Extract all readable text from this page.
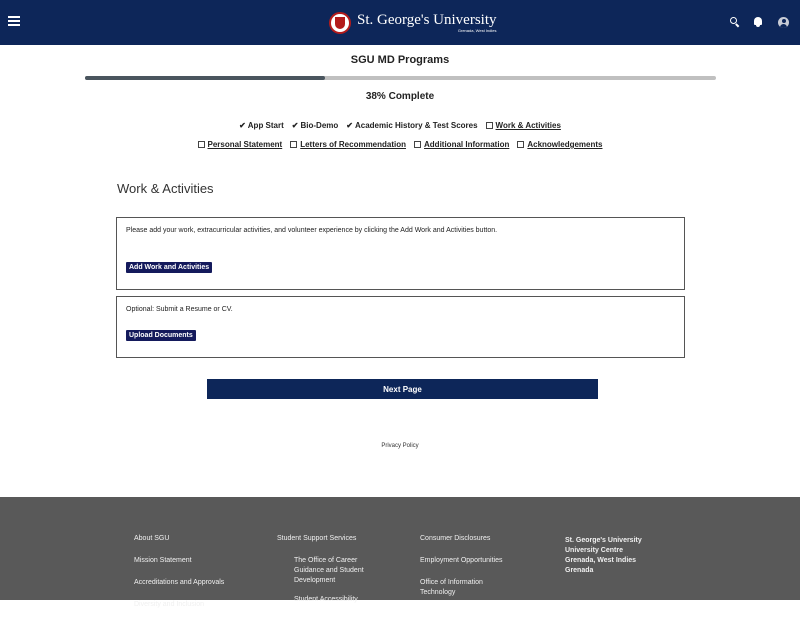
St. George's University
Grenada, West Indies
SGU MD Programs
38% Complete
✔ App Start ✔ Bio-Demo ✔ Academic History & Test Scores Work & Activities
Personal Statement Letters of Recommendation Additional Information Acknowledgements
Work & Activities
Please add your work, extracurricular activities, and volunteer experience by clicking the Add Work and Activities button.
Add Work and Activities
Optional: Submit a Resume or CV.
Upload Documents
Next Page
Privacy Policy
About SGU
Mission Statement
Accreditations and Approvals
Diversity and Inclusion
Student Support Services
The Office of Career
Guidance and Student
Development
Student Accessibility
Consumer Disclosures
Employment Opportunities
Office of Information
Technology
St. George's University
University Centre
Grenada, West Indies
Grenada
